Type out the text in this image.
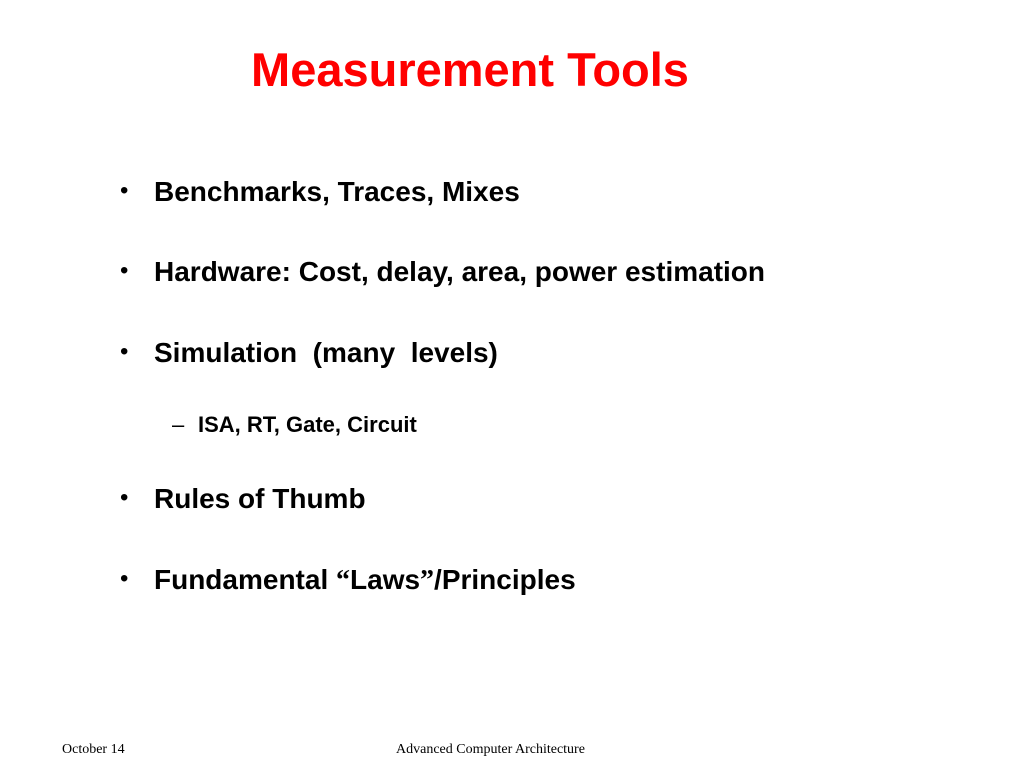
Measurement Tools
• Benchmarks, Traces, Mixes
• Hardware: Cost, delay, area, power estimation
• Simulation  (many  levels)
– ISA, RT, Gate, Circuit
• Rules of Thumb
• Fundamental “Laws”/Principles
October 14	Advanced Computer Architecture
